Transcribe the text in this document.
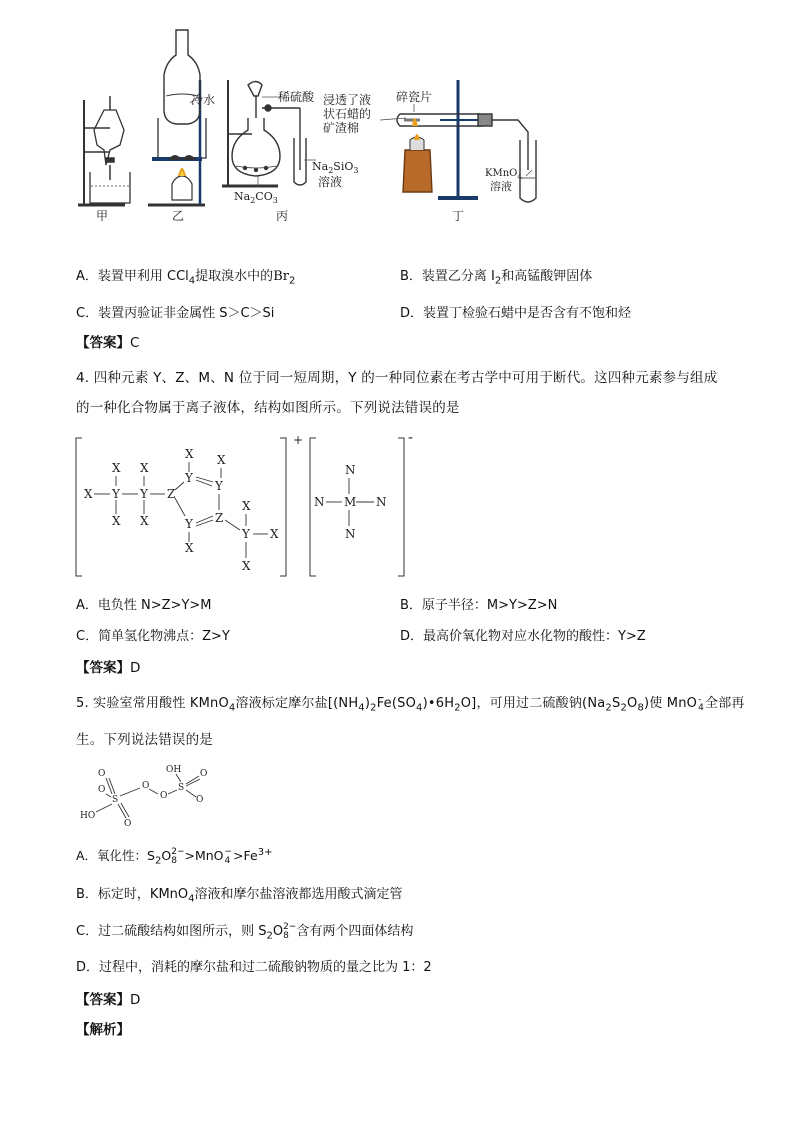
甲	乙	丙	丁
冷水	稀硫酸
$Na_2SiO_3$
溶液
$Na_2CO_3$
浸透了液
状石蜡的
矿渣棉
碎瓷片
KMnO$_4$
溶液
A．装置甲利用 CCl$_4$提取溴水中的$Br_2$	B．装置乙分离 $I_2$和高锰酸钾固体
C．装置丙验证非金属性 S＞C＞Si	D．装置丁检验石蜡中是否含有不饱和烃
【答案】C
4. 四种元素 Y、Z、M、N 位于同一短周期，Y 的一种同位素在考古学中可用于断代。这四种元素参与组成
的一种化合物属于离子液体，结构如图所示。下列说法错误的是
+	-
X Y
X
X
Y
X
X
Z
Y
X
Y
X
Z
Y
X
Y
X
X
X
N
N M N
N
A．电负性 N>Z>Y>M	B．原子半径：M>Y>Z>N
C．简单氢化物沸点：Z>Y	D．最高价氧化物对应水化物的酸性：Y>Z
【答案】D
5. 实验室常用酸性 KMnO$_4$溶液标定摩尔盐$[(NH_4)_2Fe(SO_4)•6H_2O]$，可用过二硫酸钠$(Na_2S_2O_8)$使 MnO -
4 全部再
生。下列说法错误的是
OH O
S
O
O
O
O
S
O
O
HO
A．氧化性：$S_2O$ 2−
8 >MnO −
$4 >Fe^{3+}$
B．标定时，KMnO$_4$溶液和摩尔盐溶液都选用酸式滴定管
C．过二硫酸结构如图所示，则 $S_2O$ 2−
8 含有两个四面体结构
D．过程中，消耗的摩尔盐和过二硫酸钠物质的量之比为 1：2
【答案】D
【解析】
